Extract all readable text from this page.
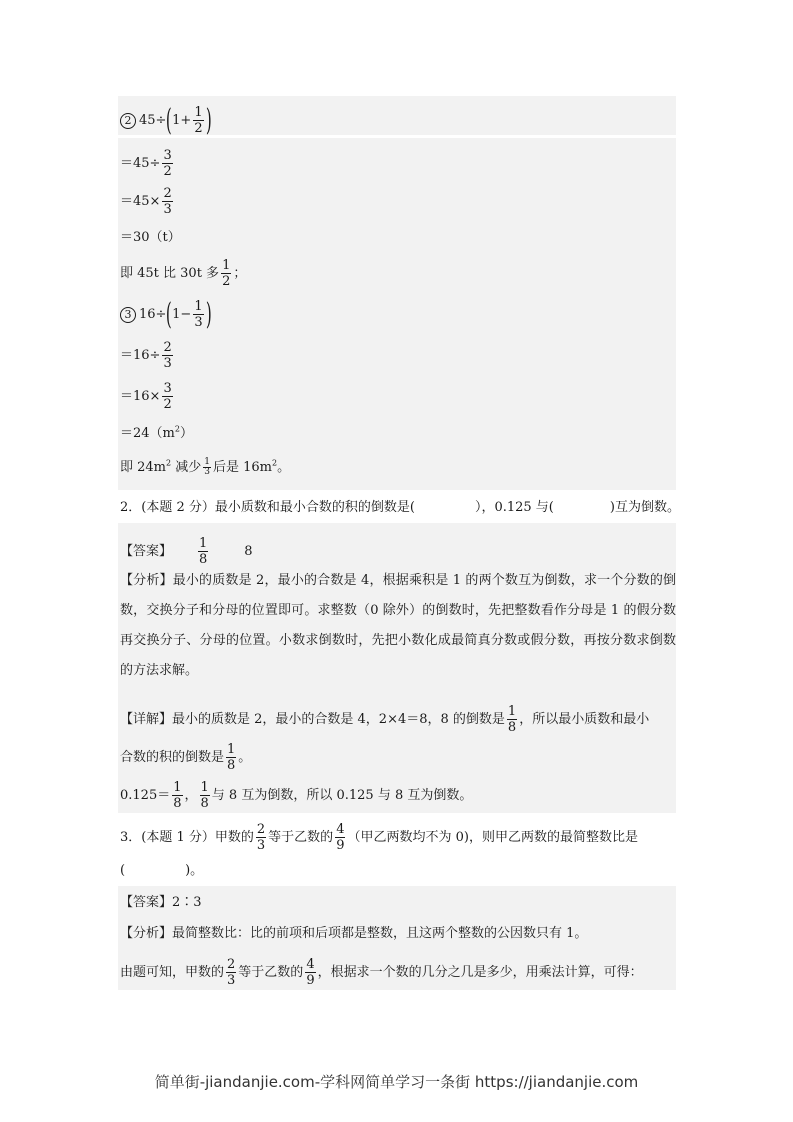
2 $45\div(1+ \frac{1}{2}$ )
$=45\div \frac{3}{2}$
$=45\times \frac{2}{3}$
＝30（t）
即 45t 比 30t 多 $\frac{1}{2}$ ；
3 $16\div(1- \frac{1}{3}$ )
$=16\div \frac{2}{3}$
$=16\times \frac{3}{2}$
$=24(m^2)$
即 $24m^2$ 减少 $\frac{1}{3}$ 后是 $16m^2$。
2．(本题 2 分）最小质数和最小合数的积的倒数是(	），0.125 与(	)互为倒数。
【答案】 $\frac{1}{8}$	8
【分析】最小的质数是 2，最小的合数是 4，根据乘积是 1 的两个数互为倒数，求一个分数的倒数，交换分子和分母的位置即可。求整数（0 除外）的倒数时，先把整数看作分母是 1 的假分数再交换分子、分母的位置。小数求倒数时，先把小数化成最简真分数或假分数，再按分数求倒数的方法求解。
【详解】最小的质数是 2，最小的合数是 4，2×4＝8，8 的倒数是 $\frac{1}{8}$ ，所以最小质数和最小
合数的积的倒数是 $\frac{1}{8}$ 。
$0.125= \frac{1}{8}$ ， $\frac{1}{8}$ 与 8 互为倒数，所以 0.125 与 8 互为倒数。
3．(本题 1 分）甲数的 $\frac{2}{3}$ 等于乙数的 $\frac{4}{9}$ （甲乙两数均不为 0)，则甲乙两数的最简整数比是
(	)。
【答案】2∶3
【分析】最简整数比：比的前项和后项都是整数，且这两个整数的公因数只有 1。
由题可知，甲数的 $\frac{2}{3}$ 等于乙数的 $\frac{4}{9}$ ，根据求一个数的几分之几是多少，用乘法计算，可得：
简单街-jiandanjie.com-学科网简单学习一条街 https://jiandanjie.com
